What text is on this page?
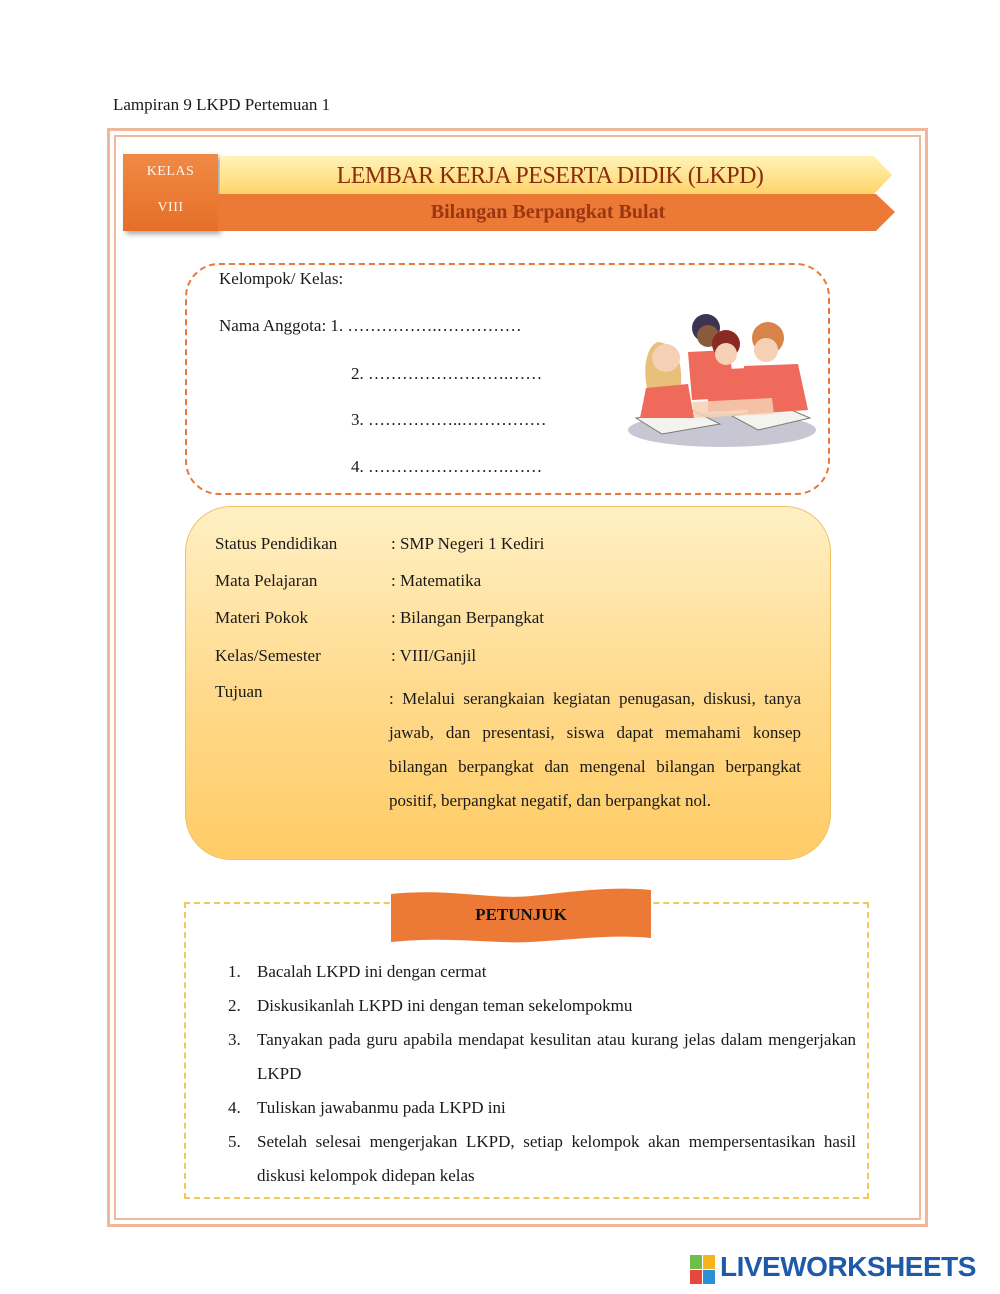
Lampiran 9 LKPD Pertemuan 1
KELAS
VIII
LEMBAR KERJA PESERTA DIDIK (LKPD)
Bilangan Berpangkat Bulat
Kelompok/ Kelas:
Nama Anggota: 1. …………….……………
2. …………………….……
3. ……………..……………
4. …………………….……
Status Pendidikan	: SMP Negeri 1 Kediri
Mata Pelajaran	: Matematika
Materi Pokok	: Bilangan Berpangkat
Kelas/Semester	: VIII/Ganjil
Tujuan	: Melalui serangkaian kegiatan penugasan, diskusi, tanya jawab, dan presentasi, siswa dapat memahami konsep bilangan berpangkat dan mengenal bilangan berpangkat positif, berpangkat negatif, dan berpangkat nol.
PETUNJUK
1. Bacalah LKPD ini dengan cermat
2. Diskusikanlah LKPD ini dengan teman sekelompokmu
3. Tanyakan pada guru apabila mendapat kesulitan atau kurang jelas dalam mengerjakan LKPD
4. Tuliskan jawabanmu pada LKPD ini
5. Setelah selesai mengerjakan LKPD, setiap kelompok akan mempersentasikan hasil diskusi kelompok didepan kelas
LIVEWORKSHEETS
